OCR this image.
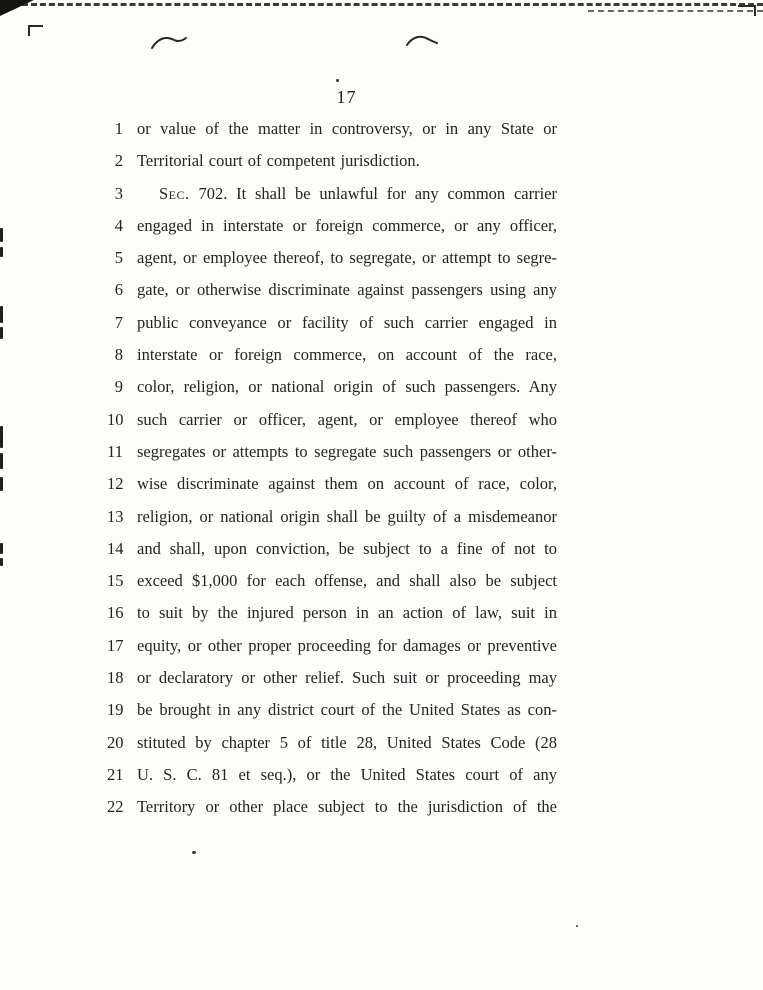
17
1 or value of the matter in controversy, or in any State or
2 Territorial court of competent jurisdiction.
3	Sec. 702. It shall be unlawful for any common carrier
4 engaged in interstate or foreign commerce, or any officer,
5 agent, or employee thereof, to segregate, or attempt to segre-
6 gate, or otherwise discriminate against passengers using any
7 public conveyance or facility of such carrier engaged in
8 interstate or foreign commerce, on account of the race,
9 color, religion, or national origin of such passengers. Any
10 such carrier or officer, agent, or employee thereof who
11 segregates or attempts to segregate such passengers or other-
12 wise discriminate against them on account of race, color,
13 religion, or national origin shall be guilty of a misdemeanor
14 and shall, upon conviction, be subject to a fine of not to
15 exceed $1,000 for each offense, and shall also be subject
16 to suit by the injured person in an action of law, suit in
17 equity, or other proper proceeding for damages or preventive
18 or declaratory or other relief. Such suit or proceeding may
19 be brought in any district court of the United States as con-
20 stituted by chapter 5 of title 28, United States Code (28
21 U. S. C. 81 et seq.), or the United States court of any
22 Territory or other place subject to the jurisdiction of the
